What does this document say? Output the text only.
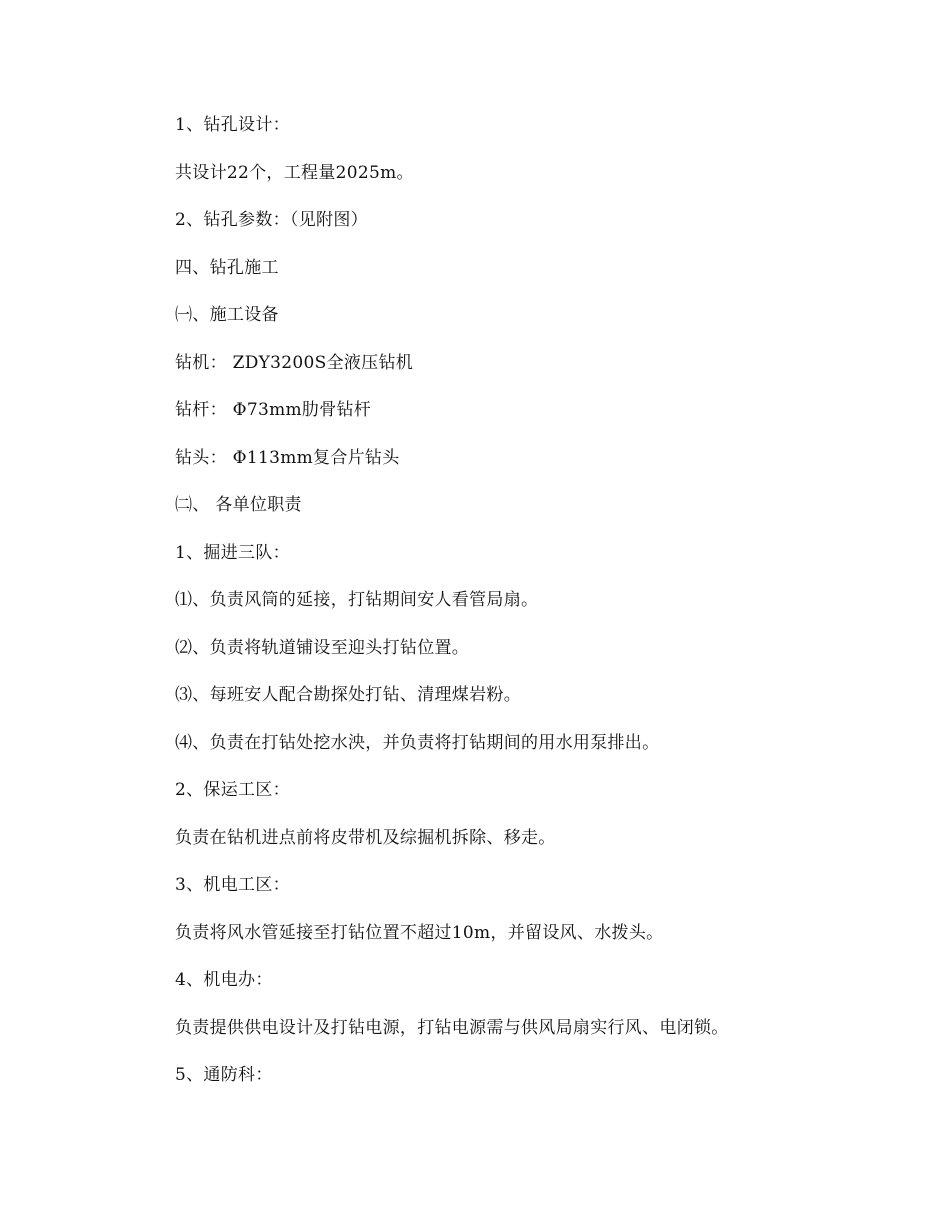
1、钻孔设计：
共设计22个，工程量2025m。
2、钻孔参数：（见附图）
四、钻孔施工
㈠、施工设备
钻机： ZDY3200S全液压钻机
钻杆： Φ73mm肋骨钻杆
钻头： Φ113mm复合片钻头
㈡、 各单位职责
1、掘进三队：
⑴、负责风筒的延接，打钻期间安人看管局扇。
⑵、负责将轨道铺设至迎头打钻位置。
⑶、每班安人配合勘探处打钻、清理煤岩粉。
⑷、负责在打钻处挖水泱，并负责将打钻期间的用水用泵排出。
2、保运工区：
负责在钻机进点前将皮带机及综掘机拆除、移走。
3、机电工区：
负责将风水管延接至打钻位置不超过10m，并留设风、水拨头。
4、机电办：
负责提供供电设计及打钻电源，打钻电源需与供风局扇实行风、电闭锁。
5、通防科：
